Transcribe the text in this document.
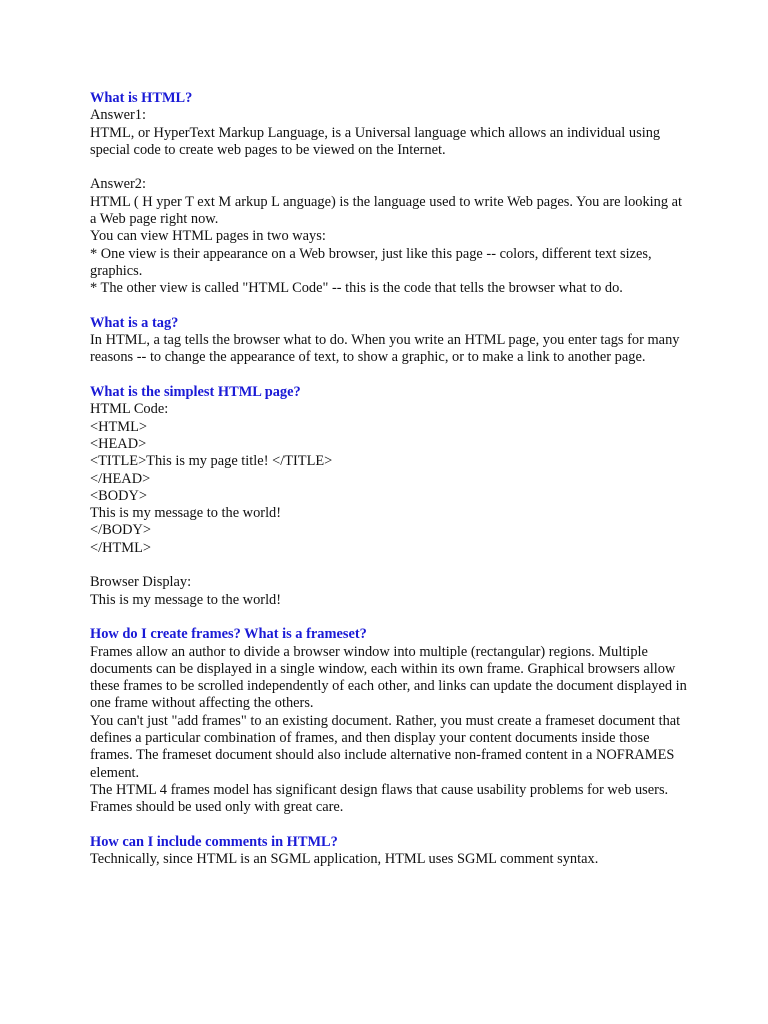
What is HTML?

Answer1:

HTML, or HyperText Markup Language, is a Universal language which allows an individual using special code to create web pages to be viewed on the Internet.

Answer2:

HTML ( H yper T ext M arkup L anguage) is the language used to write Web pages. You are looking at a Web page right now.

You can view HTML pages in two ways:

* One view is their appearance on a Web browser, just like this page -- colors, different text sizes, graphics.

* The other view is called "HTML Code" -- this is the code that tells the browser what to do.

What is a tag?

In HTML, a tag tells the browser what to do. When you write an HTML page, you enter tags for many reasons -- to change the appearance of text, to show a graphic, or to make a link to another page.

What is the simplest HTML page?

HTML Code:

<HTML>

<HEAD>

<TITLE>This is my page title! </TITLE>

</HEAD>

<BODY>

This is my message to the world!

</BODY>

</HTML>

Browser Display:

This is my message to the world!

How do I create frames? What is a frameset?

Frames allow an author to divide a browser window into multiple (rectangular) regions. Multiple documents can be displayed in a single window, each within its own frame. Graphical browsers allow these frames to be scrolled independently of each other, and links can update the document displayed in one frame without affecting the others.

You can't just "add frames" to an existing document. Rather, you must create a frameset document that defines a particular combination of frames, and then display your content documents inside those frames. The frameset document should also include alternative non-framed content in a NOFRAMES element.

The HTML 4 frames model has significant design flaws that cause usability problems for web users. Frames should be used only with great care.

How can I include comments in HTML?

Technically, since HTML is an SGML application, HTML uses SGML comment syntax.
